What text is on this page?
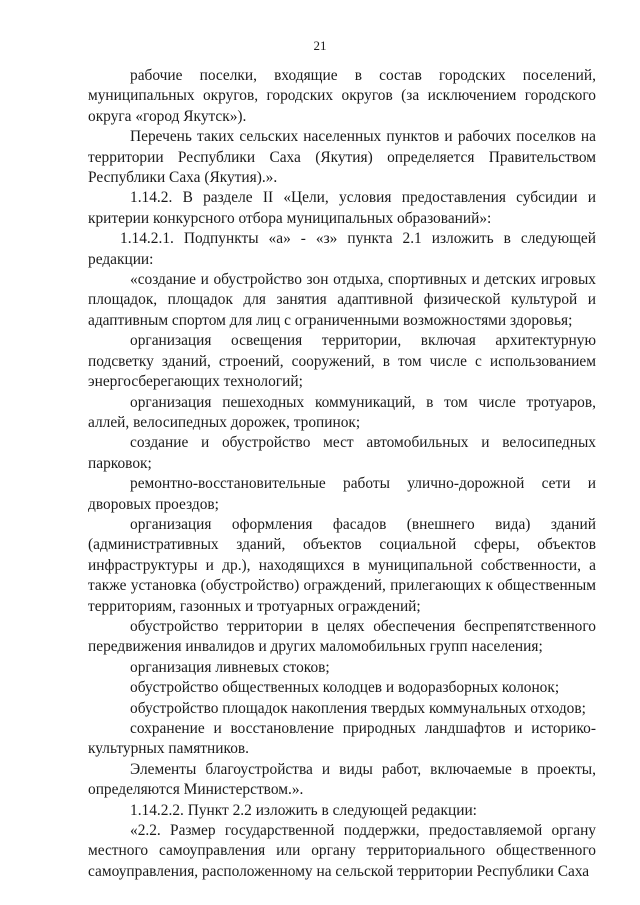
21

рабочие поселки, входящие в состав городских поселений, муниципальных округов, городских округов (за исключением городского округа «город Якутск»).

Перечень таких сельских населенных пунктов и рабочих поселков на территории Республики Саха (Якутия) определяется Правительством Республики Саха (Якутия).».

1.14.2. В разделе II «Цели, условия предоставления субсидии и критерии конкурсного отбора муниципальных образований»:

1.14.2.1. Подпункты «а» - «з» пункта 2.1 изложить в следующей редакции:

«создание и обустройство зон отдыха, спортивных и детских игровых площадок, площадок для занятия адаптивной физической культурой и адаптивным спортом для лиц с ограниченными возможностями здоровья;

организация освещения территории, включая архитектурную подсветку зданий, строений, сооружений, в том числе с использованием энергосберегающих технологий;

организация пешеходных коммуникаций, в том числе тротуаров, аллей, велосипедных дорожек, тропинок;

создание и обустройство мест автомобильных и велосипедных парковок;

ремонтно-восстановительные работы улично-дорожной сети и дворовых проездов;

организация оформления фасадов (внешнего вида) зданий (административных зданий, объектов социальной сферы, объектов инфраструктуры и др.), находящихся в муниципальной собственности, а также установка (обустройство) ограждений, прилегающих к общественным территориям, газонных и тротуарных ограждений;

обустройство территории в целях обеспечения беспрепятственного передвижения инвалидов и других маломобильных групп населения;

организация ливневых стоков;

обустройство общественных колодцев и водоразборных колонок;

обустройство площадок накопления твердых коммунальных отходов;

сохранение и восстановление природных ландшафтов и историко-культурных памятников.

Элементы благоустройства и виды работ, включаемые в проекты, определяются Министерством.».

1.14.2.2. Пункт 2.2 изложить в следующей редакции:

«2.2. Размер государственной поддержки, предоставляемой органу местного самоуправления или органу территориального общественного самоуправления, расположенному на сельской территории Республики Саха
